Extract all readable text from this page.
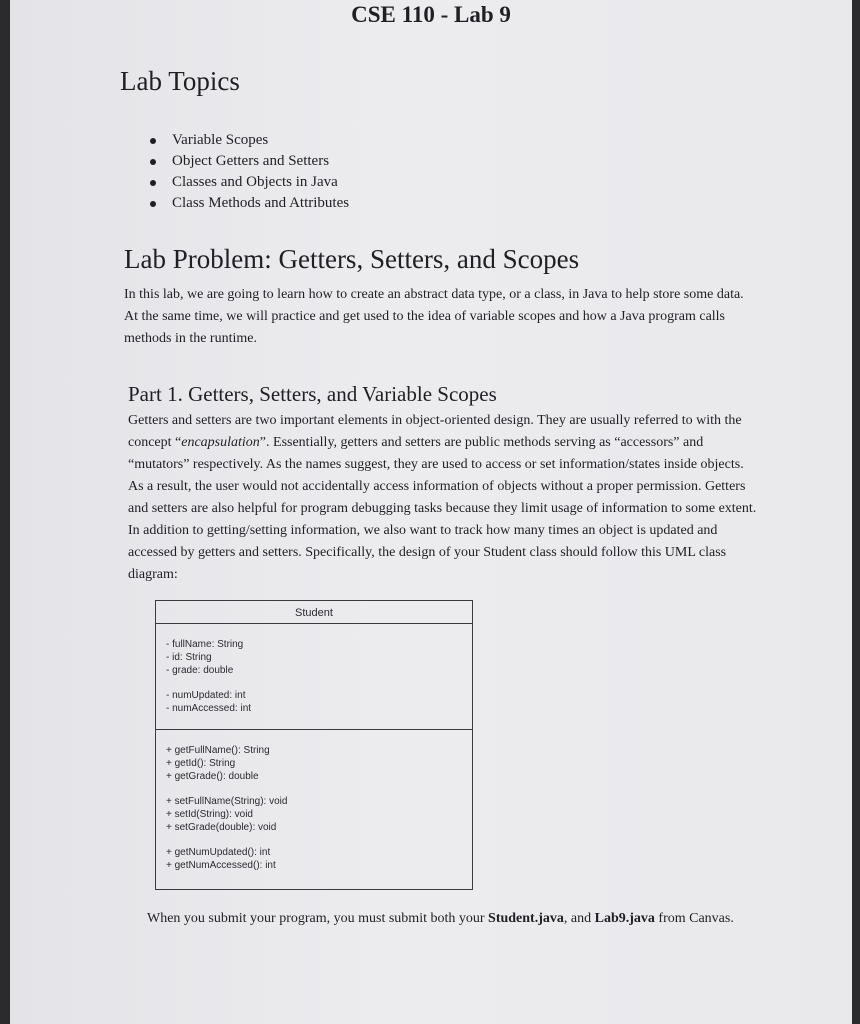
CSE 110 - Lab 9
Lab Topics
Variable Scopes
Object Getters and Setters
Classes and Objects in Java
Class Methods and Attributes
Lab Problem: Getters, Setters, and Scopes

In this lab, we are going to learn how to create an abstract data type, or a class, in Java to help store some data. At the same time, we will practice and get used to the idea of variable scopes and how a Java program calls methods in the runtime.

Part 1. Getters, Setters, and Variable Scopes

Getters and setters are two important elements in object-oriented design. They are usually referred to with the concept “encapsulation”. Essentially, getters and setters are public methods serving as “accessors” and “mutators” respectively. As the names suggest, they are used to access or set information/states inside objects. As a result, the user would not accidentally access information of objects without a proper permission. Getters and setters are also helpful for program debugging tasks because they limit usage of information to some extent. In addition to getting/setting information, we also want to track how many times an object is updated and accessed by getters and setters. Specifically, the design of your Student class should follow this UML class diagram:

Student
- fullName: String
- id: String
- grade: double
- numUpdated: int
- numAccessed: int
+ getFullName(): String
+ getId(): String
+ getGrade(): double
+ setFullName(String): void
+ setId(String): void
+ setGrade(double): void
+ getNumUpdated(): int
+ getNumAccessed(): int

When you submit your program, you must submit both your Student.java, and Lab9.java from Canvas.
